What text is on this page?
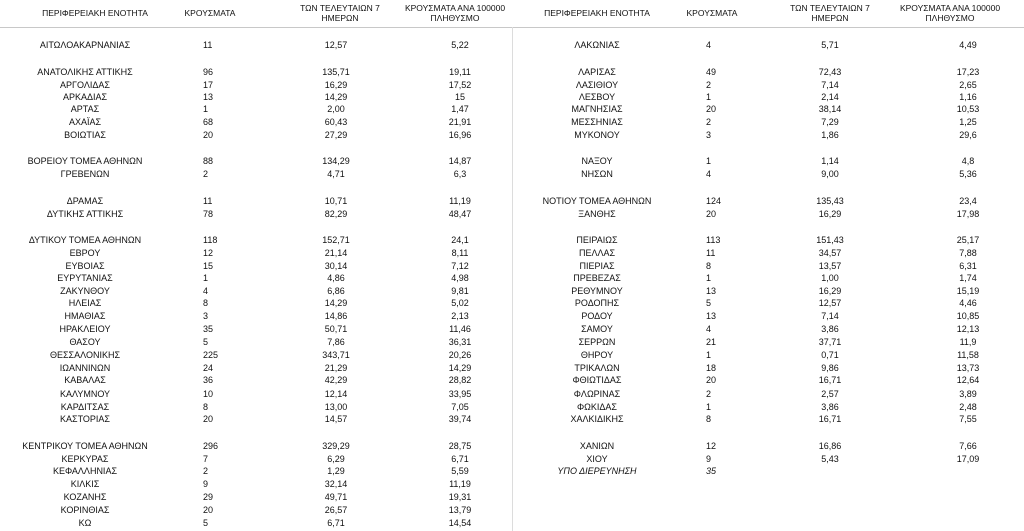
ΠΕΡΙΦΕΡΕΙΑΚΗ ΕΝΟΤΗΤΑ	ΚΡΟΥΣΜΑΤΑ	ΤΩΝ ΤΕΛΕΥΤΑΙΩΝ 7
ΗΜΕΡΩΝ
ΚΡΟΥΣΜΑΤΑ ΑΝΑ 100000
ΠΛΗΘΥΣΜΟ	ΠΕΡΙΦΕΡΕΙΑΚΗ ΕΝΟΤΗΤΑ	ΚΡΟΥΣΜΑΤΑ	ΤΩΝ ΤΕΛΕΥΤΑΙΩΝ 7
ΗΜΕΡΩΝ
ΚΡΟΥΣΜΑΤΑ ΑΝΑ 100000
ΠΛΗΘΥΣΜΟ
ΑΙΤΩΛΟΑΚΑΡΝΑΝΙΑΣ	11	12,57	5,22
ΑΝΑΤΟΛΙΚΗΣ ΑΤΤΙΚΗΣ	96	135,71	19,11
ΑΡΓΟΛΙΔΑΣ	17	16,29	17,52
ΑΡΚΑΔΙΑΣ	13	14,29	15
ΑΡΤΑΣ	1	2,00	1,47
ΑΧΑΪΑΣ	68	60,43	21,91
ΒΟΙΩΤΙΑΣ	20	27,29	16,96
ΒΟΡΕΙΟΥ ΤΟΜΕΑ ΑΘΗΝΩΝ	88	134,29	14,87
ΓΡΕΒΕΝΩΝ	2	4,71	6,3
ΔΡΑΜΑΣ	11	10,71	11,19
ΔΥΤΙΚΗΣ ΑΤΤΙΚΗΣ	78	82,29	48,47
ΔΥΤΙΚΟΥ ΤΟΜΕΑ ΑΘΗΝΩΝ	118	152,71	24,1
ΕΒΡΟΥ	12	21,14	8,11
ΕΥΒΟΙΑΣ	15	30,14	7,12
ΕΥΡΥΤΑΝΙΑΣ	1	4,86	4,98
ΖΑΚΥΝΘΟΥ	4	6,86	9,81
ΗΛΕΙΑΣ	8	14,29	5,02
ΗΜΑΘΙΑΣ	3	14,86	2,13
ΗΡΑΚΛΕΙΟΥ	35	50,71	11,46
ΘΑΣΟΥ	5	7,86	36,31
ΘΕΣΣΑΛΟΝΙΚΗΣ	225	343,71	20,26
ΙΩΑΝΝΙΝΩΝ	24	21,29	14,29
ΚΑΒΑΛΑΣ	36	42,29	28,82
ΚΑΛΥΜΝΟΥ	10	12,14	33,95
ΚΑΡΔΙΤΣΑΣ	8	13,00	7,05
ΚΑΣΤΟΡΙΑΣ	20	14,57	39,74
ΚΕΝΤΡΙΚΟΥ ΤΟΜΕΑ ΑΘΗΝΩΝ	296	329,29	28,75
ΚΕΡΚΥΡΑΣ	7	6,29	6,71
ΚΕΦΑΛΛΗΝΙΑΣ	2	1,29	5,59
ΚΙΛΚΙΣ	9	32,14	11,19
ΚΟΖΑΝΗΣ	29	49,71	19,31
ΚΟΡΙΝΘΙΑΣ	20	26,57	13,79
ΚΩ	5	6,71	14,54
ΛΑΚΩΝΙΑΣ	4	5,71	4,49
ΛΑΡΙΣΑΣ	49	72,43	17,23
ΛΑΣΙΘΙΟΥ	2	7,14	2,65
ΛΕΣΒΟΥ	1	2,14	1,16
ΜΑΓΝΗΣΙΑΣ	20	38,14	10,53
ΜΕΣΣΗΝΙΑΣ	2	7,29	1,25
ΜΥΚΟΝΟΥ	3	1,86	29,6
ΝΑΞΟΥ	1	1,14	4,8
ΝΗΣΩΝ	4	9,00	5,36
ΝΟΤΙΟΥ ΤΟΜΕΑ ΑΘΗΝΩΝ	124	135,43	23,4
ΞΑΝΘΗΣ	20	16,29	17,98
ΠΕΙΡΑΙΩΣ	113	151,43	25,17
ΠΕΛΛΑΣ	11	34,57	7,88
ΠΙΕΡΙΑΣ	8	13,57	6,31
ΠΡΕΒΕΖΑΣ	1	1,00	1,74
ΡΕΘΥΜΝΟΥ	13	16,29	15,19
ΡΟΔΟΠΗΣ	5	12,57	4,46
ΡΟΔΟΥ	13	7,14	10,85
ΣΑΜΟΥ	4	3,86	12,13
ΣΕΡΡΩΝ	21	37,71	11,9
ΘΗΡΟΥ	1	0,71	11,58
ΤΡΙΚΑΛΩΝ	18	9,86	13,73
ΦΘΙΩΤΙΔΑΣ	20	16,71	12,64
ΦΛΩΡΙΝΑΣ	2	2,57	3,89
ΦΩΚΙΔΑΣ	1	3,86	2,48
ΧΑΛΚΙΔΙΚΗΣ	8	16,71	7,55
ΧΑΝΙΩΝ	12	16,86	7,66
ΧΙΟΥ	9	5,43	17,09
ΥΠΟ ΔΙΕΡΕΥΝΗΣΗ	35
